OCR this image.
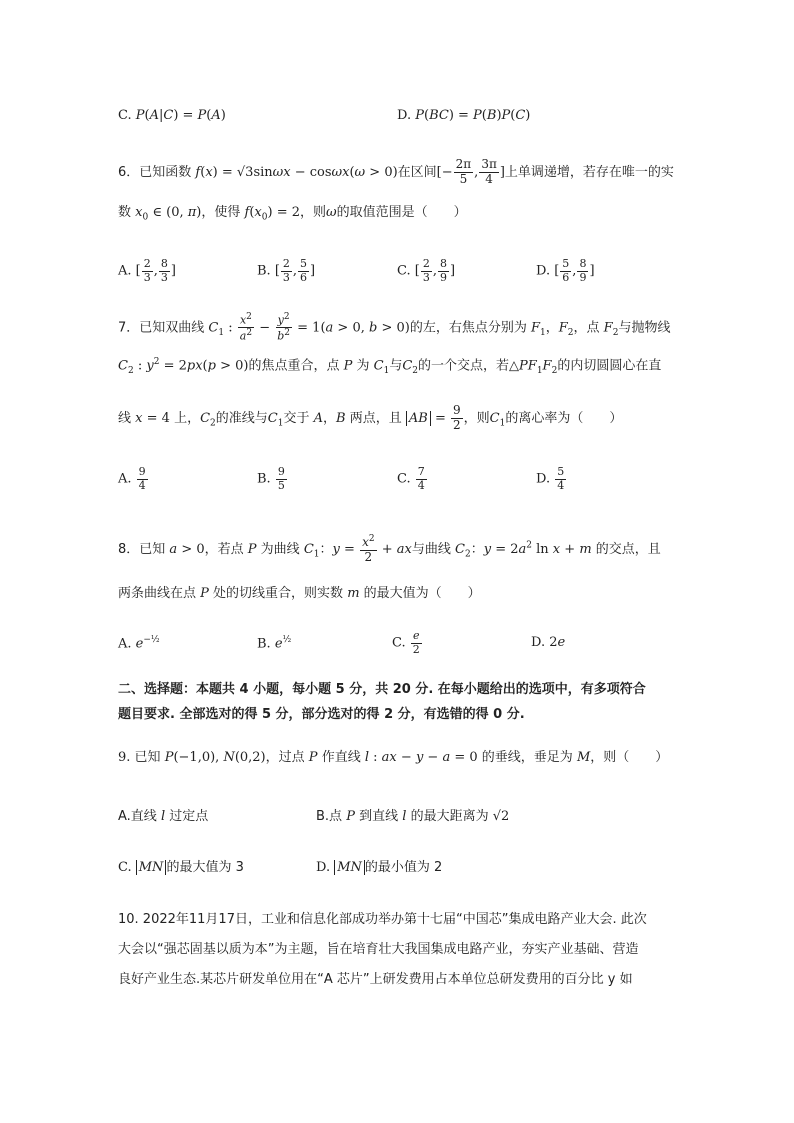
C. P(A|C) = P(A)	D. P(BC) = P(B)P(C)
6．已知函数 f(x) = √3sinωx − cosωx(ω > 0)在区间[− $\frac{2\pi}{5}$ , $\frac{3\pi}{4}$ ]上单调递增，若存在唯一的实
数 $x_0$ ∈ (0, π)，使得 $f(x_0) = 2$，则ω的取值范围是（　　）
A. [ $\frac{2}{3}$ , $\frac{8}{3}$ ]	B. [ $\frac{2}{3}$ , $\frac{5}{6}$ ]	C. [ $\frac{2}{3}$ , $\frac{8}{9}$ ]	D. [ $\frac{5}{6}$ , $\frac{8}{9}$ ]
7．已知双曲线 $C_1$ : $\frac{x^2}{a^2} - \frac{y^2}{b^2} = 1(a > 0$, b > 0)的左，右焦点分别为 $F_1$，$F_2$，点 $F_2$与抛物线
$C_2$ : $y^2 = 2px(p > 0)$的焦点重合，点 P 为 $C_1$与$C_2$的一个交点，若$\triangle PF_1F_2$的内切圆圆心在直
线 x = 4 上，$C_2$的准线与$C_1$交于 A，B 两点，且 AB = $\frac{9}{2}$ ，则$C_1$的离心率为（　　）
A. $\frac{9}{4}$	B. $\frac{9}{5}$	C. $\frac{7}{4}$	D. $\frac{5}{4}$
8．已知 a > 0，若点 P 为曲线 $C_1$：$y = \frac{x^2}{2}$ + ax与曲线 $C_2$：$y = 2a^2$ ln x + m 的交点，且
两条曲线在点 P 处的切线重合，则实数 m 的最大值为（　　）
A. $e^{-\frac{1}{2}}$	B. $e^{\frac{1}{2}}$	C. $\frac{e}{2}$	D. 2e
二、选择题：本题共 4 小题，每小题 5 分，共 20 分. 在每小题给出的选项中，有多项符合
题目要求. 全部选对的得 5 分，部分选对的得 2 分，有选错的得 0 分.
9. 已知 P(−1,0), N(0,2)，过点 P 作直线 l : ax − y − a = 0 的垂线，垂足为 M，则（　　）
A.直线 l 过定点	B.点 P 到直线 l 的最大距离为 √2
C. MN 的最大值为 3	D. MN 的最小值为 2
10. 2022年11月17日，工业和信息化部成功举办第十七届“中国芯”集成电路产业大会. 此次
大会以“强芯固基以质为本”为主题，旨在培育壮大我国集成电路产业，夯实产业基础、营造
良好产业生态.某芯片研发单位用在“A 芯片”上研发费用占本单位总研发费用的百分比 y 如
